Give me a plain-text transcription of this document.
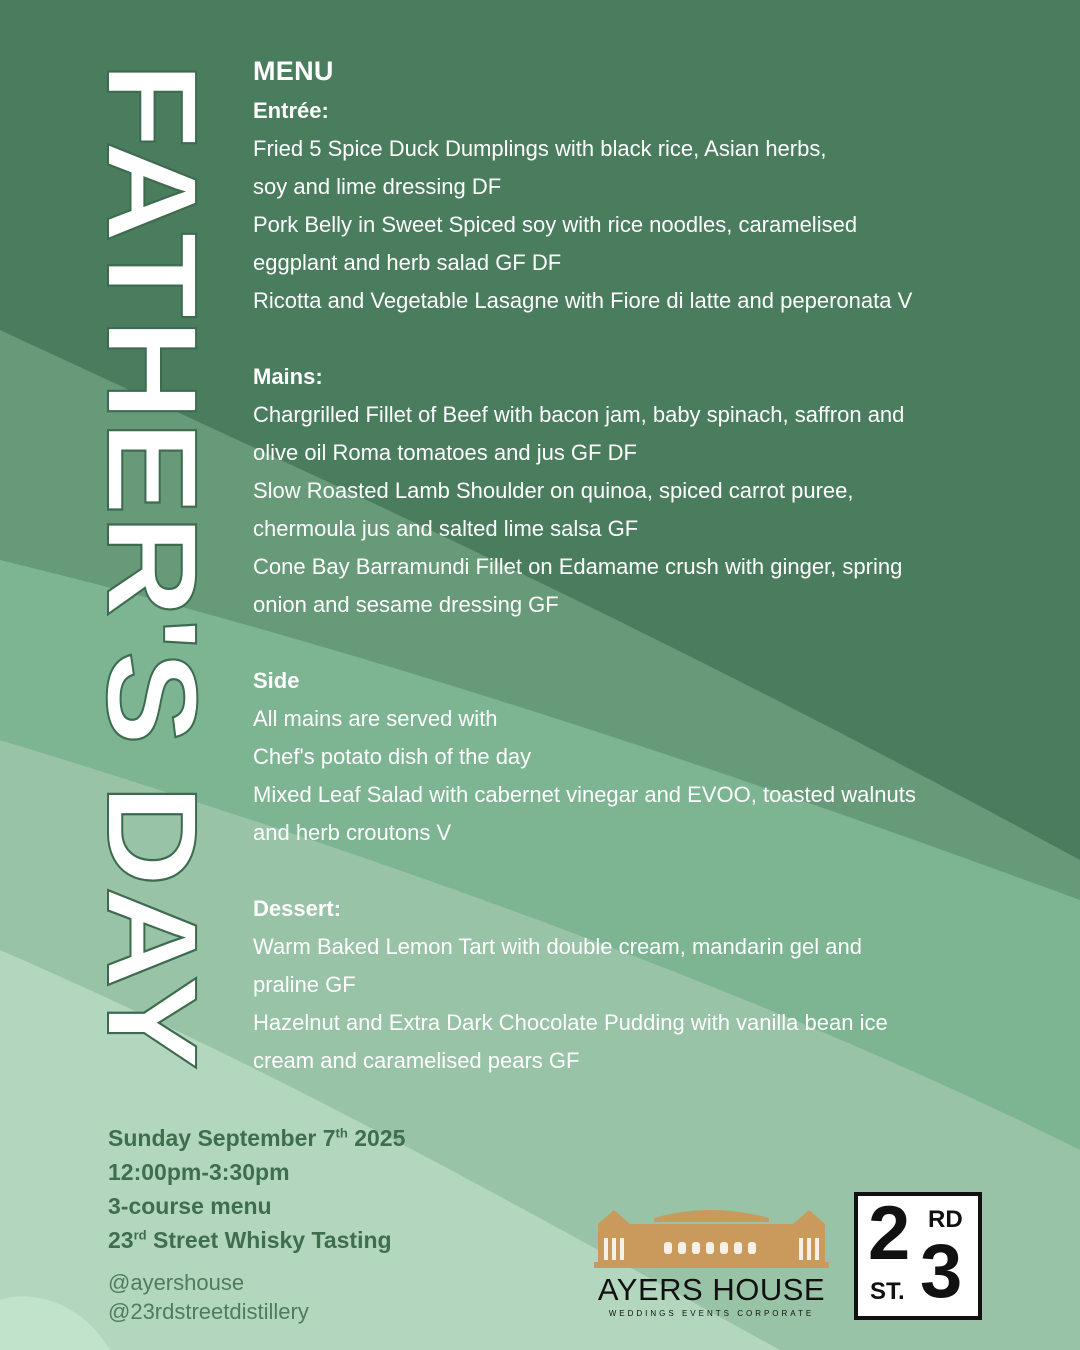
FATHER'S DAY MENU
Entrée:

Fried 5 Spice Duck Dumplings with black rice, Asian herbs,

soy and lime dressing DF

Pork Belly in Sweet Spiced soy with rice noodles, caramelised

eggplant and herb salad GF DF

Ricotta and Vegetable Lasagne with Fiore di latte and peperonata V

Mains:

Chargrilled Fillet of Beef with bacon jam, baby spinach, saffron and

olive oil Roma tomatoes and jus GF DF

Slow Roasted Lamb Shoulder on quinoa, spiced carrot puree,

chermoula jus and salted lime salsa GF

Cone Bay Barramundi Fillet on Edamame crush with ginger, spring

onion and sesame dressing GF

Side

All mains are served with

Chef's potato dish of the day

Mixed Leaf Salad with cabernet vinegar and EVOO, toasted walnuts

and herb croutons V

Dessert:

Warm Baked Lemon Tart with double cream, mandarin gel and

praline GF

Hazelnut and Extra Dark Chocolate Pudding with vanilla bean ice

cream and caramelised pears GF

Sunday September 7th 2025
12:00pm-3:30pm
3-course menu
23rd Street Whisky Tasting
@ayershouse
@23rdstreetdistillery
AYERS HOUSE
WEDDINGS EVENTS CORPORATE
2 RD
ST. 3
